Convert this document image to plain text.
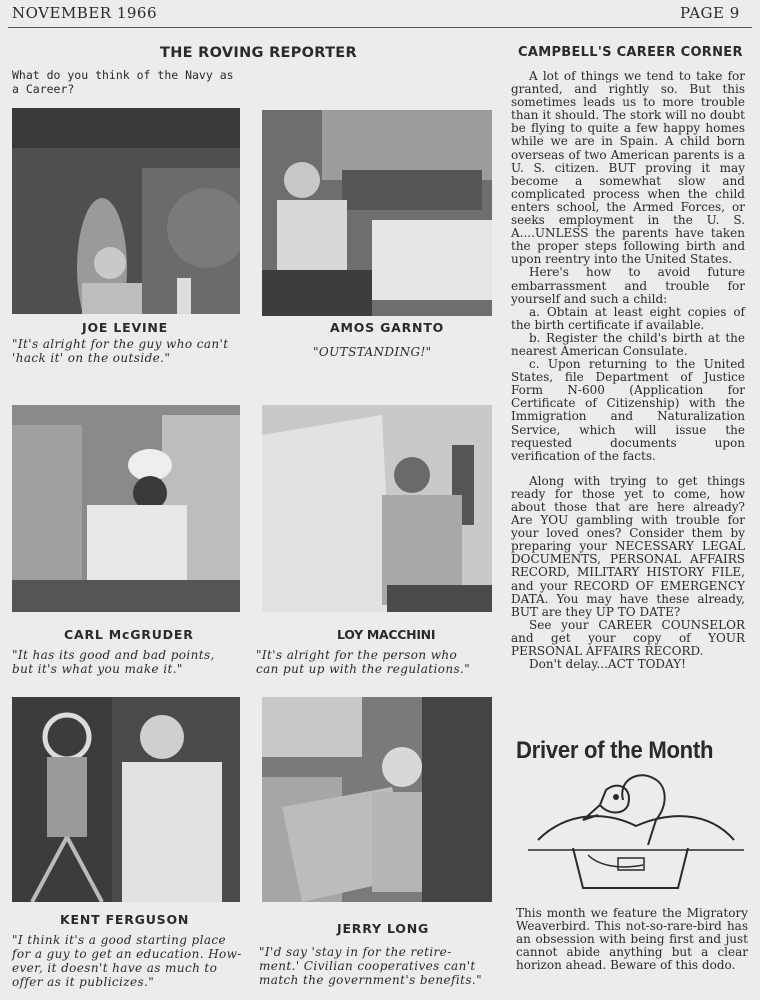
NOVEMBER 1966	PAGE 9
THE ROVING REPORTER
What do you think of the Navy as
a Career?
JOE LEVINE
"It's alright for the guy who can't
'hack it' on the outside."
AMOS GARNTO
"OUTSTANDING!"
CARL McGRUDER
"It has its good and bad points,
but it's what you make it."
LOY MACCHINI
"It's alright for the person who
can put up with the regulations."
KENT FERGUSON
"I think it's a good starting place
for a guy to get an education. How-
ever, it doesn't have as much to
offer as it publicizes."
JERRY LONG
"I'd say 'stay in for the retire-
ment.' Civilian cooperatives can't
match the government's benefits."
CAMPBELL'S CAREER CORNER

A lot of things we tend to take for granted, and rightly so. But this sometimes leads us to more trouble than it should. The stork will no doubt be flying to quite a few happy homes while we are in Spain. A child born overseas of two American parents is a U. S. citizen. BUT proving it may become a somewhat slow and complicated process when the child enters school, the Armed Forces, or seeks employment in the U. S. A....UNLESS the parents have taken the proper steps following birth and upon reentry into the United States.

Here's how to avoid future embarrassment and trouble for yourself and such a child:

a. Obtain at least eight copies of the birth certificate if available.

b. Register the child's birth at the nearest American Consulate.

c. Upon returning to the United States, file Department of Justice Form N-600 (Application for Certificate of Citizenship) with the Immigration and Naturalization Service, which will issue the requested documents upon verification of the facts.

Along with trying to get things ready for those yet to come, how about those that are here already? Are YOU gambling with trouble for your loved ones? Consider them by preparing your NECESSARY LEGAL DOCUMENTS, PERSONAL AFFAIRS RECORD, MILITARY HISTORY FILE, and your RECORD OF EMERGENCY DATA. You may have these already, BUT are they UP TO DATE?

See your CAREER COUNSELOR and get your copy of YOUR PERSONAL AFFAIRS RECORD.

Don't delay...ACT TODAY!

Driver of the Month

This month we feature the Migratory Weaverbird. This not-so-rare-bird has an obsession with being first and just cannot abide anything but a clear horizon ahead. Beware of this dodo.
